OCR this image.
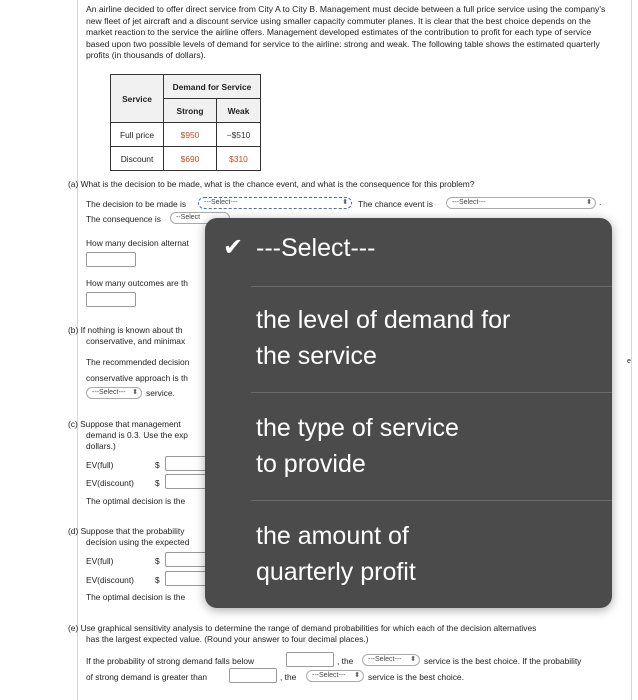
An airline decided to offer direct service from City A to City B. Management must decide between a full price service using the company's new fleet of jet aircraft and a discount service using smaller capacity commuter planes. It is clear that the best choice depends on the market reaction to the service the airline offers. Management developed estimates of the contribution to profit for each type of service based upon two possible levels of demand for service to the airline: strong and weak. The following table shows the estimated quarterly profits (in thousands of dollars).
Service	Demand for Service	
	Strong	Weak
Full price	$950	−$510
Discount	$690	$310
(a) What is the decision to be made, what is the chance event, and what is the consequence for this problem?
The decision to be made is	---Select---	⬍ The chance event is	---Select---	⬍ .
The consequence is	--Select
How many decision alternat
How many outcomes are th
(b) If nothing is known about th
conservative, and minimax
The recommended decision
conservative approach is th
---Select--- ⬍ service.
e
(c) Suppose that management
demand is 0.3. Use the exp
dollars.)
EV(full)	$
EV(discount)	$
The optimal decision is the
(d) Suppose that the probability
decision using the expected
EV(full)	$
EV(discount)	$
The optimal decision is the
(e) Use graphical sensitivity analysis to determine the range of demand probabilities for which each of the decision alternatives
has the largest expected value. (Round your answer to four decimal places.)
If the probability of strong demand falls below	, the	---Select--- ⬍ service is the best choice. If the probability
of strong demand is greater than	, the	---Select--- ⬍ service is the best choice.
✔ ---Select---
the level of demand for
the service
the type of service
to provide
the amount of
quarterly profit
